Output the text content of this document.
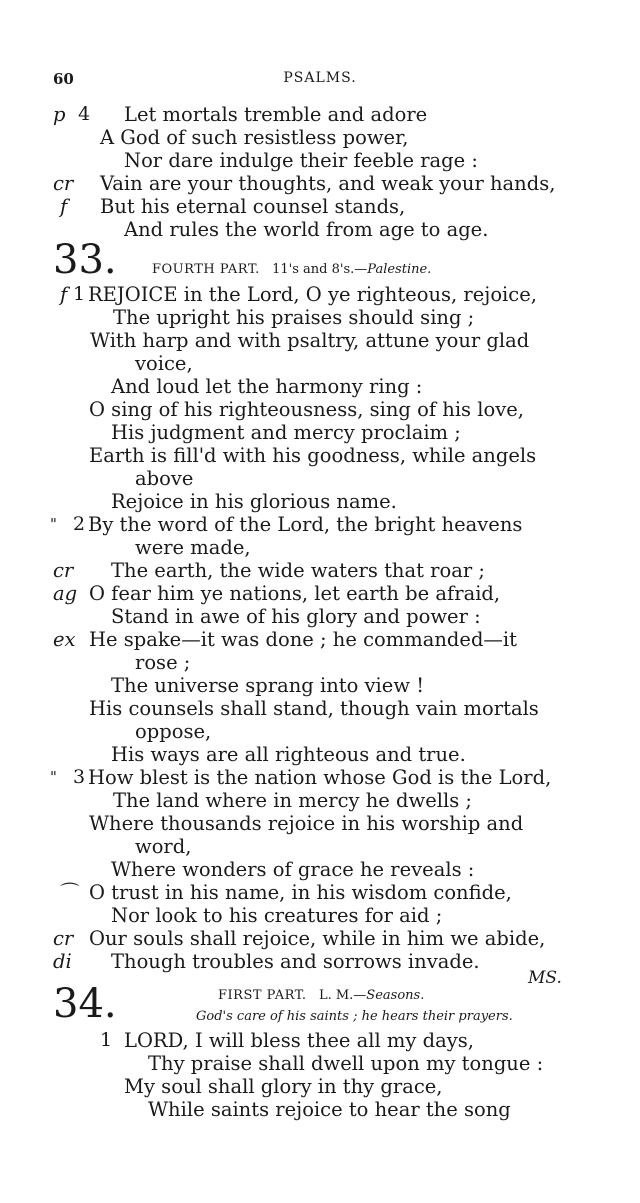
60	PSALMS.
p 4 Let mortals tremble and adore
A God of such resistless power,
Nor dare indulge their feeble rage :
cr Vain are your thoughts, and weak your hands,
f But his eternal counsel stands,
And rules the world from age to age.
33.	FOURTH PART. 11's and 8's.—Palestine.
f 1 REJOICE in the Lord, O ye righteous, rejoice,
The upright his praises should sing ;
With harp and with psaltry, attune your glad
voice,
And loud let the harmony ring :
O sing of his righteousness, sing of his love,
His judgment and mercy proclaim ;
Earth is fill'd with his goodness, while angels
above
Rejoice in his glorious name.
" 2 By the word of the Lord, the bright heavens
were made,
cr The earth, the wide waters that roar ;
ag O fear him ye nations, let earth be afraid,
Stand in awe of his glory and power :
ex He spake—it was done ; he commanded—it
rose ;
The universe sprang into view !
His counsels shall stand, though vain mortals
oppose,
His ways are all righteous and true.
" 3 How blest is the nation whose God is the Lord,
The land where in mercy he dwells ;
Where thousands rejoice in his worship and
word,
Where wonders of grace he reveals :
⌒ O trust in his name, in his wisdom confide,
Nor look to his creatures for aid ;
cr Our souls shall rejoice, while in him we abide,
di Though troubles and sorrows invade.
MS.
34.	FIRST PART. L. M.—Seasons.
God's care of his saints ; he hears their prayers.
1 LORD, I will bless thee all my days,
Thy praise shall dwell upon my tongue :
My soul shall glory in thy grace,
While saints rejoice to hear the song
